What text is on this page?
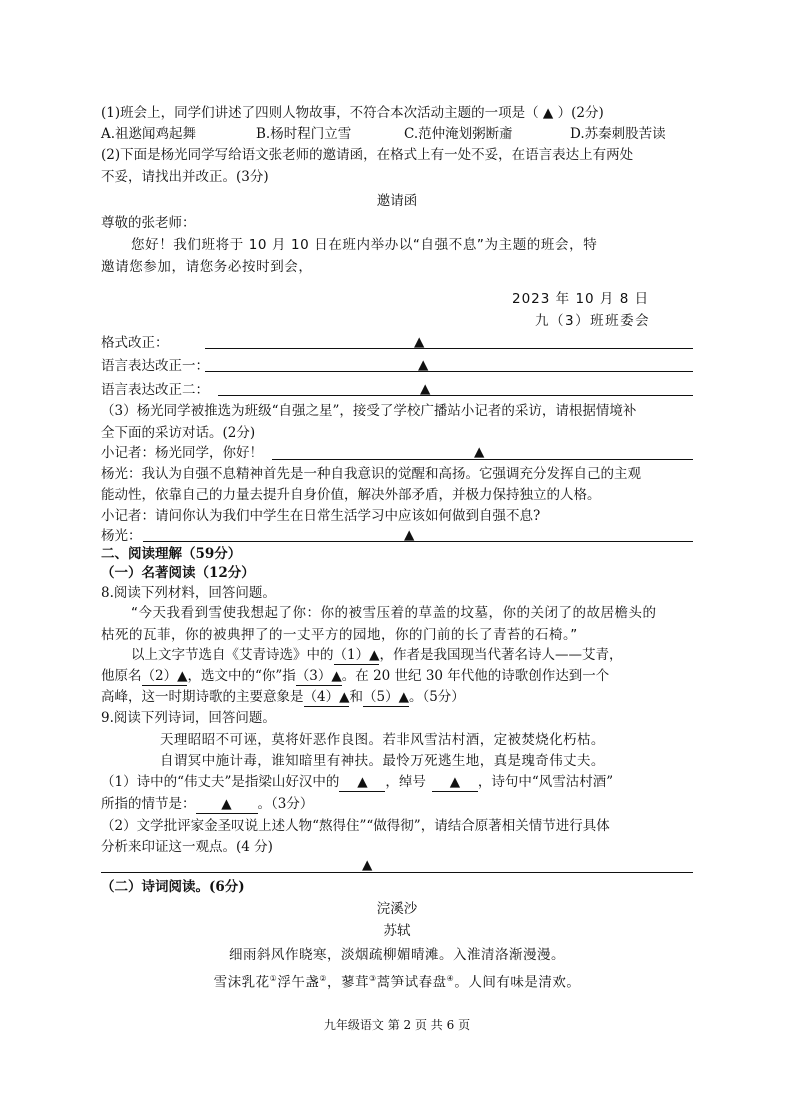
(1)班会上，同学们讲述了四则人物故事，不符合本次活动主题的一项是（ ▲ ）(2分)
A.祖逖闻鸡起舞	B.杨时程门立雪	C.范仲淹划粥断齑	D.苏秦刺股苦读
(2)下面是杨光同学写给语文张老师的邀请函，在格式上有一处不妥，在语言表达上有两处
不妥，请找出并改正。(3分)
邀请函
尊敬的张老师：
您好！我们班将于 10 月 10 日在班内举办以“自强不息”为主题的班会，特
邀请您参加，请您务必按时到会，
2023 年 10 月 8 日
九（3）班班委会
格式改正：	▲
语言表达改正一：	▲
语言表达改正二：	▲
（3）杨光同学被推选为班级“自强之星”，接受了学校广播站小记者的采访，请根据情境补
全下面的采访对话。(2分)
小记者：杨光同学，你好！	▲
杨光：我认为自强不息精神首先是一种自我意识的觉醒和高扬。它强调充分发挥自己的主观
能动性，依靠自己的力量去提升自身价值，解决外部矛盾，并极力保持独立的人格。
小记者：请问你认为我们中学生在日常生活学习中应该如何做到自强不息?
杨光：	▲
二、阅读理解（59分）
（一）名著阅读（12分）
8.阅读下列材料，回答问题。
“今天我看到雪使我想起了你：你的被雪压着的草盖的坟墓，你的关闭了的故居檐头的
枯死的瓦菲，你的被典押了的一丈平方的园地，你的门前的长了青苔的石椅。”
以上文字节选自《艾青诗选》中的（1）▲，作者是我国现当代著名诗人——艾青，
他原名（2）▲，选文中的“你”指（3）▲。在 20 世纪 30 年代他的诗歌创作达到一个
高峰，这一时期诗歌的主要意象是（4）▲和（5）▲。（5分）
9.阅读下列诗词，回答问题。
天理昭昭不可诬，莫将奸恶作良图。若非风雪沽村酒，定被焚烧化朽枯。
自谓冥中施计毒，谁知暗里有神扶。最怜万死逃生地，真是瑰奇伟丈夫。
（1）诗中的“伟丈夫”是指梁山好汉中的 ▲ ，绰号 ▲ ，诗句中“风雪沽村酒”
所指的情节是： ▲ 。（3分）
（2）文学批评家金圣叹说上述人物“熬得住”“做得彻”，请结合原著相关情节进行具体
分析来印证这一观点。(4 分)
▲
（二）诗词阅读。(6分)
浣溪沙
苏轼
细雨斜风作晓寒，淡烟疏柳媚晴滩。入淮清洛渐漫漫。
雪沫乳花①浮午盏②，蓼茸③蒿笋试春盘④。人间有味是清欢。
九年级语文 第 2 页 共 6 页
